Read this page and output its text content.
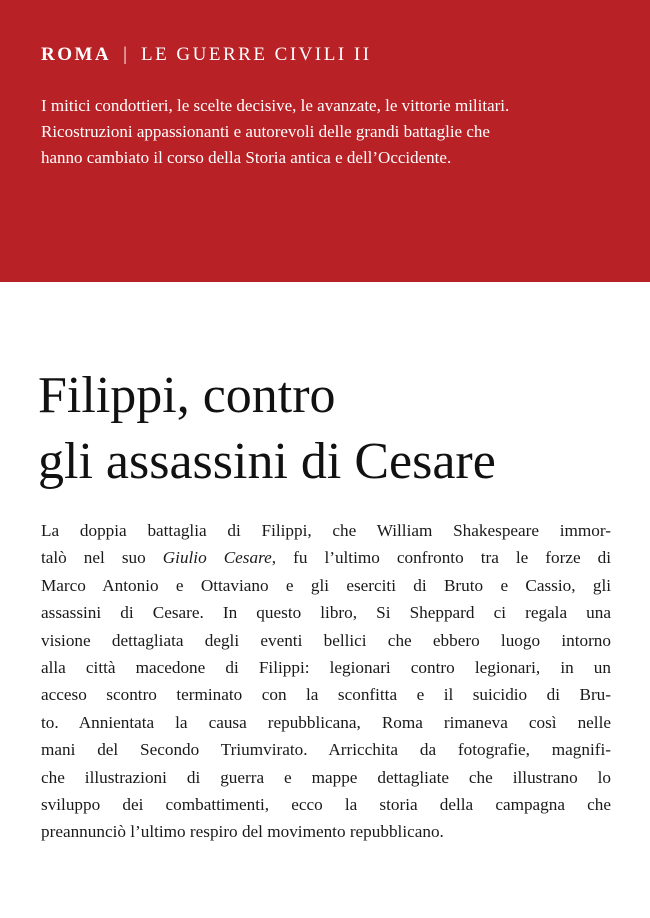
ROMA | LE GUERRE CIVILI II

I mitici condottieri, le scelte decisive, le avanzate, le vittorie militari.
Ricostruzioni appassionanti e autorevoli delle grandi battaglie che
hanno cambiato il corso della Storia antica e dell’Occidente.

Filippi, contro
gli assassini di Cesare

La doppia battaglia di Filippi, che William Shakespeare immor-
talò nel suo Giulio Cesare, fu l’ultimo confronto tra le forze di
Marco Antonio e Ottaviano e gli eserciti di Bruto e Cassio, gli
assassini di Cesare. In questo libro, Si Sheppard ci regala una
visione dettagliata degli eventi bellici che ebbero luogo intorno
alla città macedone di Filippi: legionari contro legionari, in un
acceso scontro terminato con la sconfitta e il suicidio di Bru-
to. Annientata la causa repubblicana, Roma rimaneva così nelle
mani del Secondo Triumvirato. Arricchita da fotografie, magnifi-
che illustrazioni di guerra e mappe dettagliate che illustrano lo
sviluppo dei combattimenti, ecco la storia della campagna che
preannunciò l’ultimo respiro del movimento repubblicano.
